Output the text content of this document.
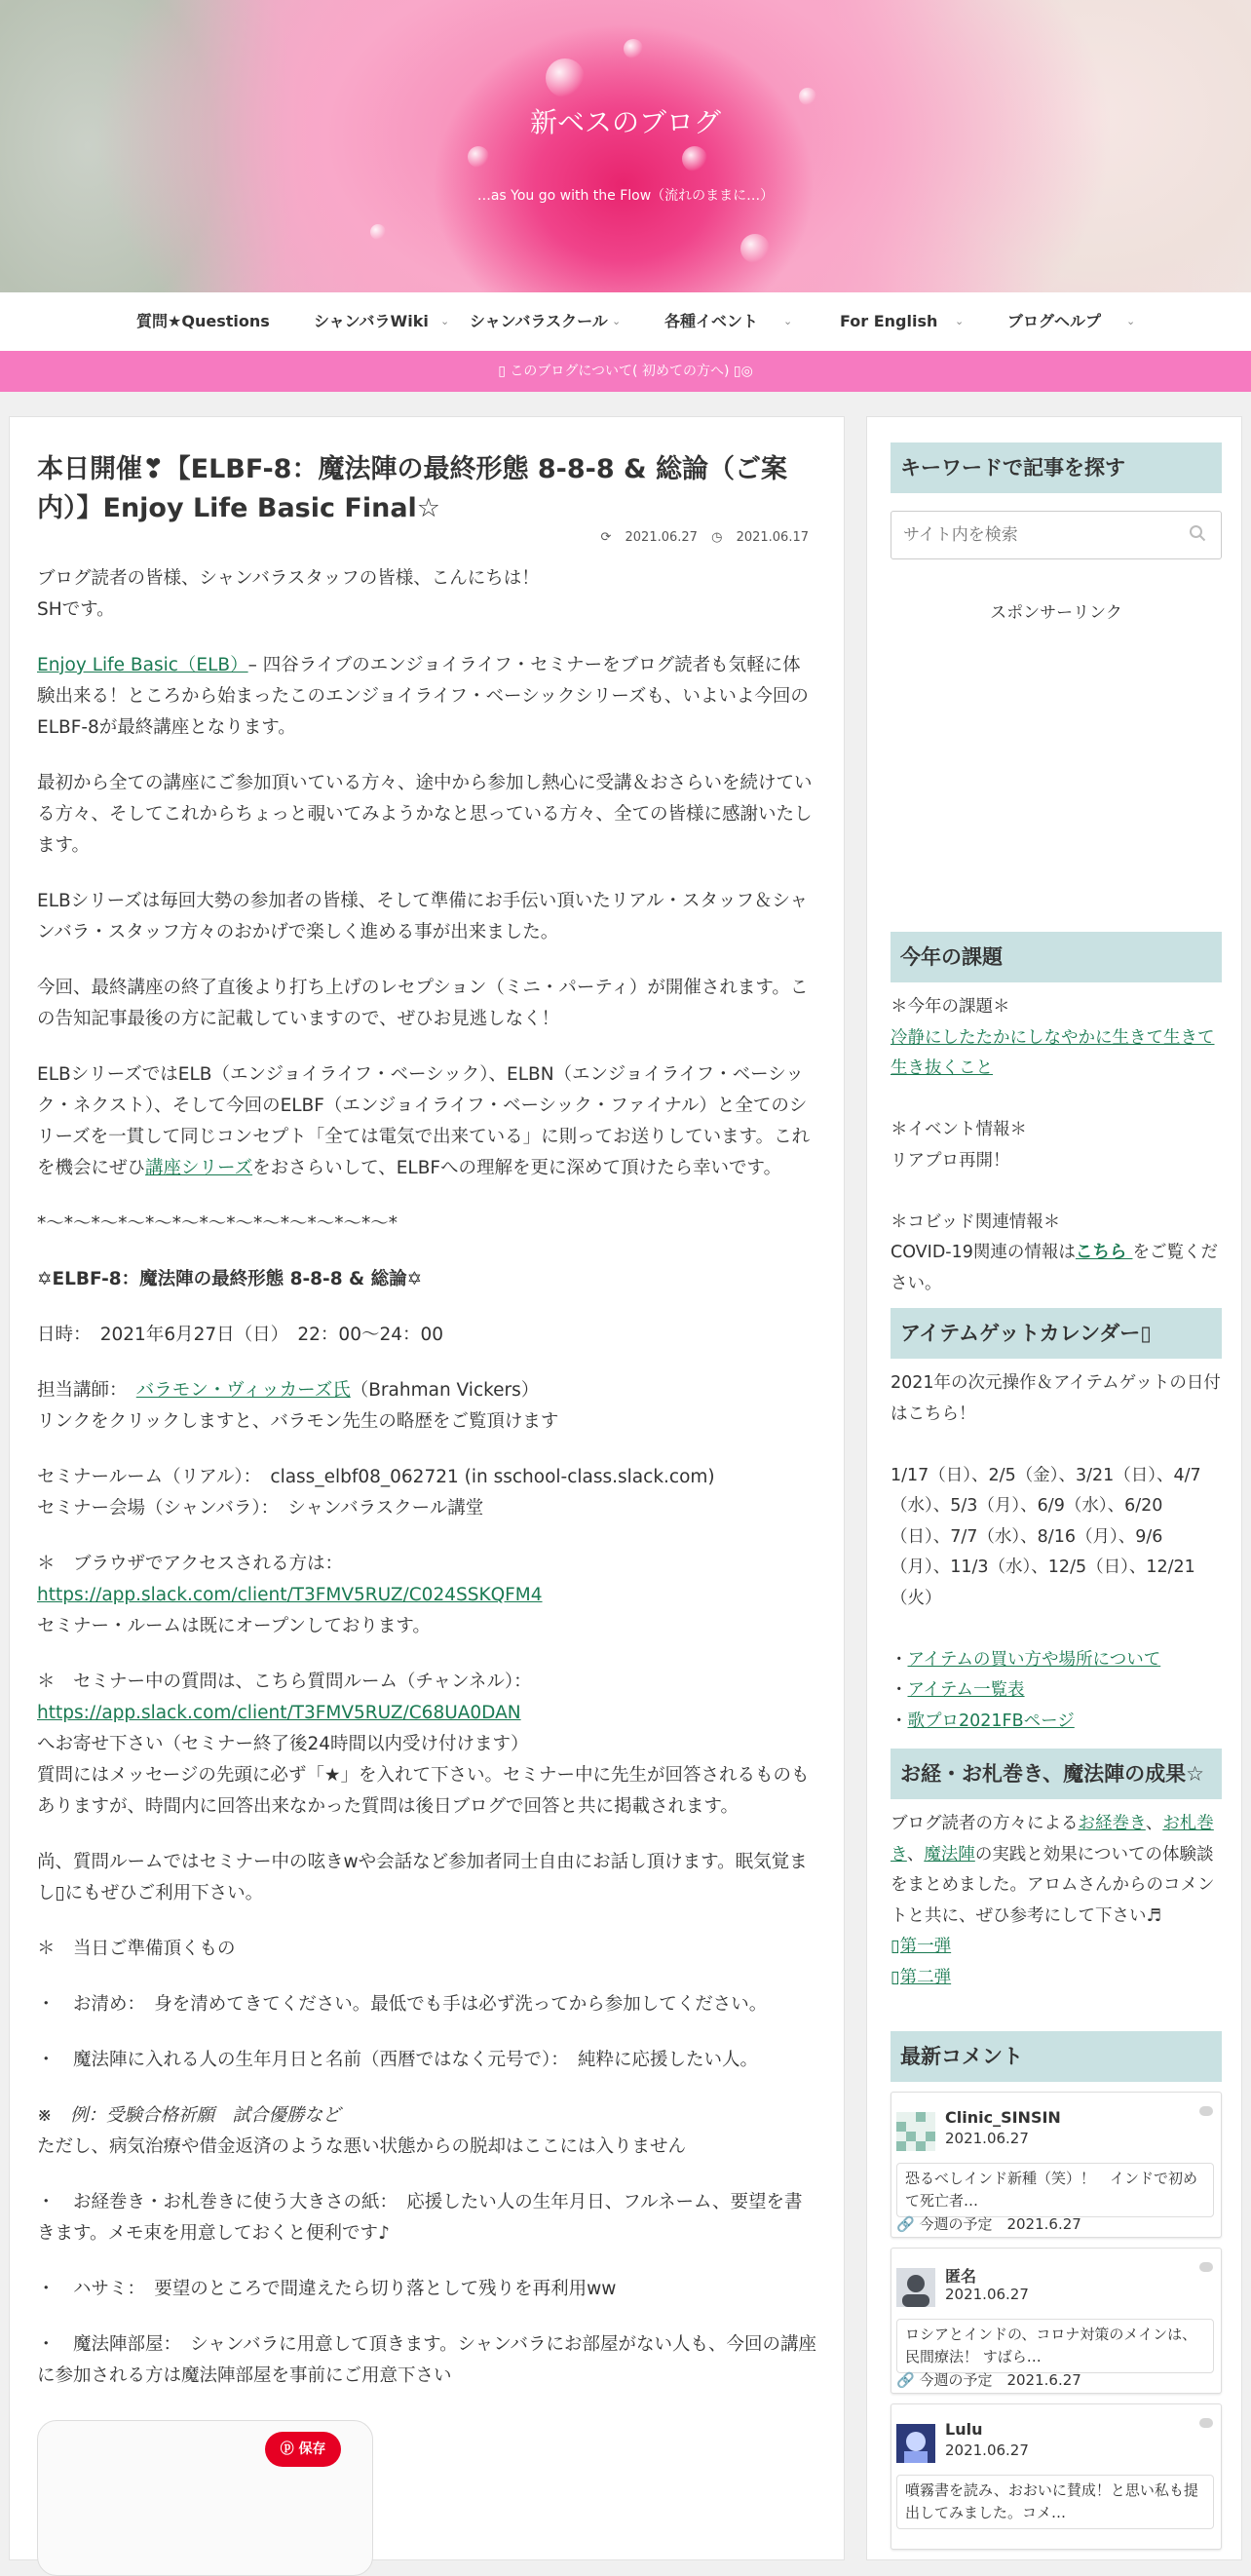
新ベスのブログ
…as You go with the Flow（流れのままに…）
質問★Questions	シャンバラWiki ⌄ シャンバラスクール ⌄	各種イベント ⌄	For English ⌄	ブログヘルプ ⌄
▯ このブログについて( 初めての方へ) ▯◎
本日開催❣【ELBF-8：魔法陣の最終形態 8-8-8 & 総論（ご案内）】Enjoy Life Basic Final☆
⟳ 2021.06.27 ◷ 2021.06.17

ブログ読者の皆様、シャンバラスタッフの皆様、こんにちは！
SHです。

Enjoy Life Basic（ELB）– 四谷ライブのエンジョイライフ・セミナーをブログ読者も気軽に体験出来る！ところから始まったこのエンジョイライフ・ベーシックシリーズも、いよいよ今回のELBF-8が最終講座となります。

最初から全ての講座にご参加頂いている方々、途中から参加し熱心に受講＆おさらいを続けている方々、そしてこれからちょっと覗いてみようかなと思っている方々、全ての皆様に感謝いたします。

ELBシリーズは毎回大勢の参加者の皆様、そして準備にお手伝い頂いたリアル・スタッフ＆シャンバラ・スタッフ方々のおかげで楽しく進める事が出来ました。

今回、最終講座の終了直後より打ち上げのレセプション（ミニ・パーティ）が開催されます。この告知記事最後の方に記載していますので、ぜひお見逃しなく！

ELBシリーズではELB（エンジョイライフ・ベーシック）、ELBN（エンジョイライフ・ベーシック・ネクスト）、そして今回のELBF（エンジョイライフ・ベーシック・ファイナル）と全てのシリーズを一貫して同じコンセプト「全ては電気で出来ている」に則ってお送りしています。これを機会にぜひ講座シリーズをおさらいして、ELBFへの理解を更に深めて頂けたら幸いです。

*〜*〜*〜*〜*〜*〜*〜*〜*〜*〜*〜*〜*〜*

✡ELBF-8：魔法陣の最終形態 8-8-8 & 総論✡

日時：　2021年6月27日（日）　22：00〜24：00

担当講師：　バラモン・ヴィッカーズ氏（Brahman Vickers）
リンクをクリックしますと、バラモン先生の略歴をご覧頂けます

セミナールーム（リアル）：　class_elbf08_062721 (in sschool-class.slack.com)
セミナー会場（シャンバラ）：　シャンバラスクール講堂

＊　ブラウザでアクセスされる方は：
https://app.slack.com/client/T3FMV5RUZ/C024SSKQFM4
セミナー・ルームは既にオープンしております。

＊　セミナー中の質問は、こちら質問ルーム（チャンネル）：
https://app.slack.com/client/T3FMV5RUZ/C68UA0DAN
へお寄せ下さい（セミナー終了後24時間以内受け付けます）
質問にはメッセージの先頭に必ず「★」を入れて下さい。セミナー中に先生が回答されるものもありますが、時間内に回答出来なかった質問は後日ブログで回答と共に掲載されます。

尚、質問ルームではセミナー中の呟きwや会話など参加者同士自由にお話し頂けます。眠気覚まし▯にもぜひご利用下さい。

＊　当日ご準備頂くもの

・　お清め：　身を清めてきてください。最低でも手は必ず洗ってから参加してください。

・　魔法陣に入れる人の生年月日と名前（西暦ではなく元号で）：　純粋に応援したい人。

※　例：受験合格祈願　試合優勝など
ただし、病気治療や借金返済のような悪い状態からの脱却はここには入りません

・　お経巻き・お札巻きに使う大きさの紙：　応援したい人の生年月日、フルネーム、要望を書きます。メモ束を用意しておくと便利です♪

・　ハサミ：　要望のところで間違えたら切り落として残りを再利用ww

・　魔法陣部屋：　シャンバラに用意して頂きます。シャンバラにお部屋がない人も、今回の講座に参加される方は魔法陣部屋を事前にご用意下さい

ⓟ 保存
キーワードで記事を探す
サイト内を検索
スポンサーリンク
今年の課題
＊今年の課題＊
冷静にしたたかにしなやかに生きて生きて生き抜くこと

＊イベント情報＊
リアプロ再開！

＊コビッド関連情報＊
COVID-19関連の情報はこちら をご覧ください。
アイテムゲットカレンダー▯
2021年の次元操作＆アイテムゲットの日付はこちら！

1/17（日）、2/5（金）、3/21（日）、4/7（水）、5/3（月）、6/9（水）、6/20（日）、7/7（水）、8/16（月）、9/6（月）、11/3（水）、12/5（日）、12/21（火）

・アイテムの買い方や場所について
・アイテム一覧表
・歌プロ2021FBページ
お経・お札巻き、魔法陣の成果☆
ブログ読者の方々によるお経巻き、お札巻き、魔法陣の実践と効果についての体験談をまとめました。アロムさんからのコメントと共に、ぜひ参考にして下さい♬
▯第一弾
▯第二弾
最新コメント
Clinic_SINSIN
2021.06.27
恐るべしインド新種（笑）！　インドで初めて死亡者…
🔗 今週の予定　2021.6.27
匿名
2021.06.27
ロシアとインドの、コロナ対策のメインは、民間療法！ すばら…
🔗 今週の予定　2021.6.27
Lulu
2021.06.27
噴霧書を読み、おおいに賛成！と思い私も提出してみました。コメ…
